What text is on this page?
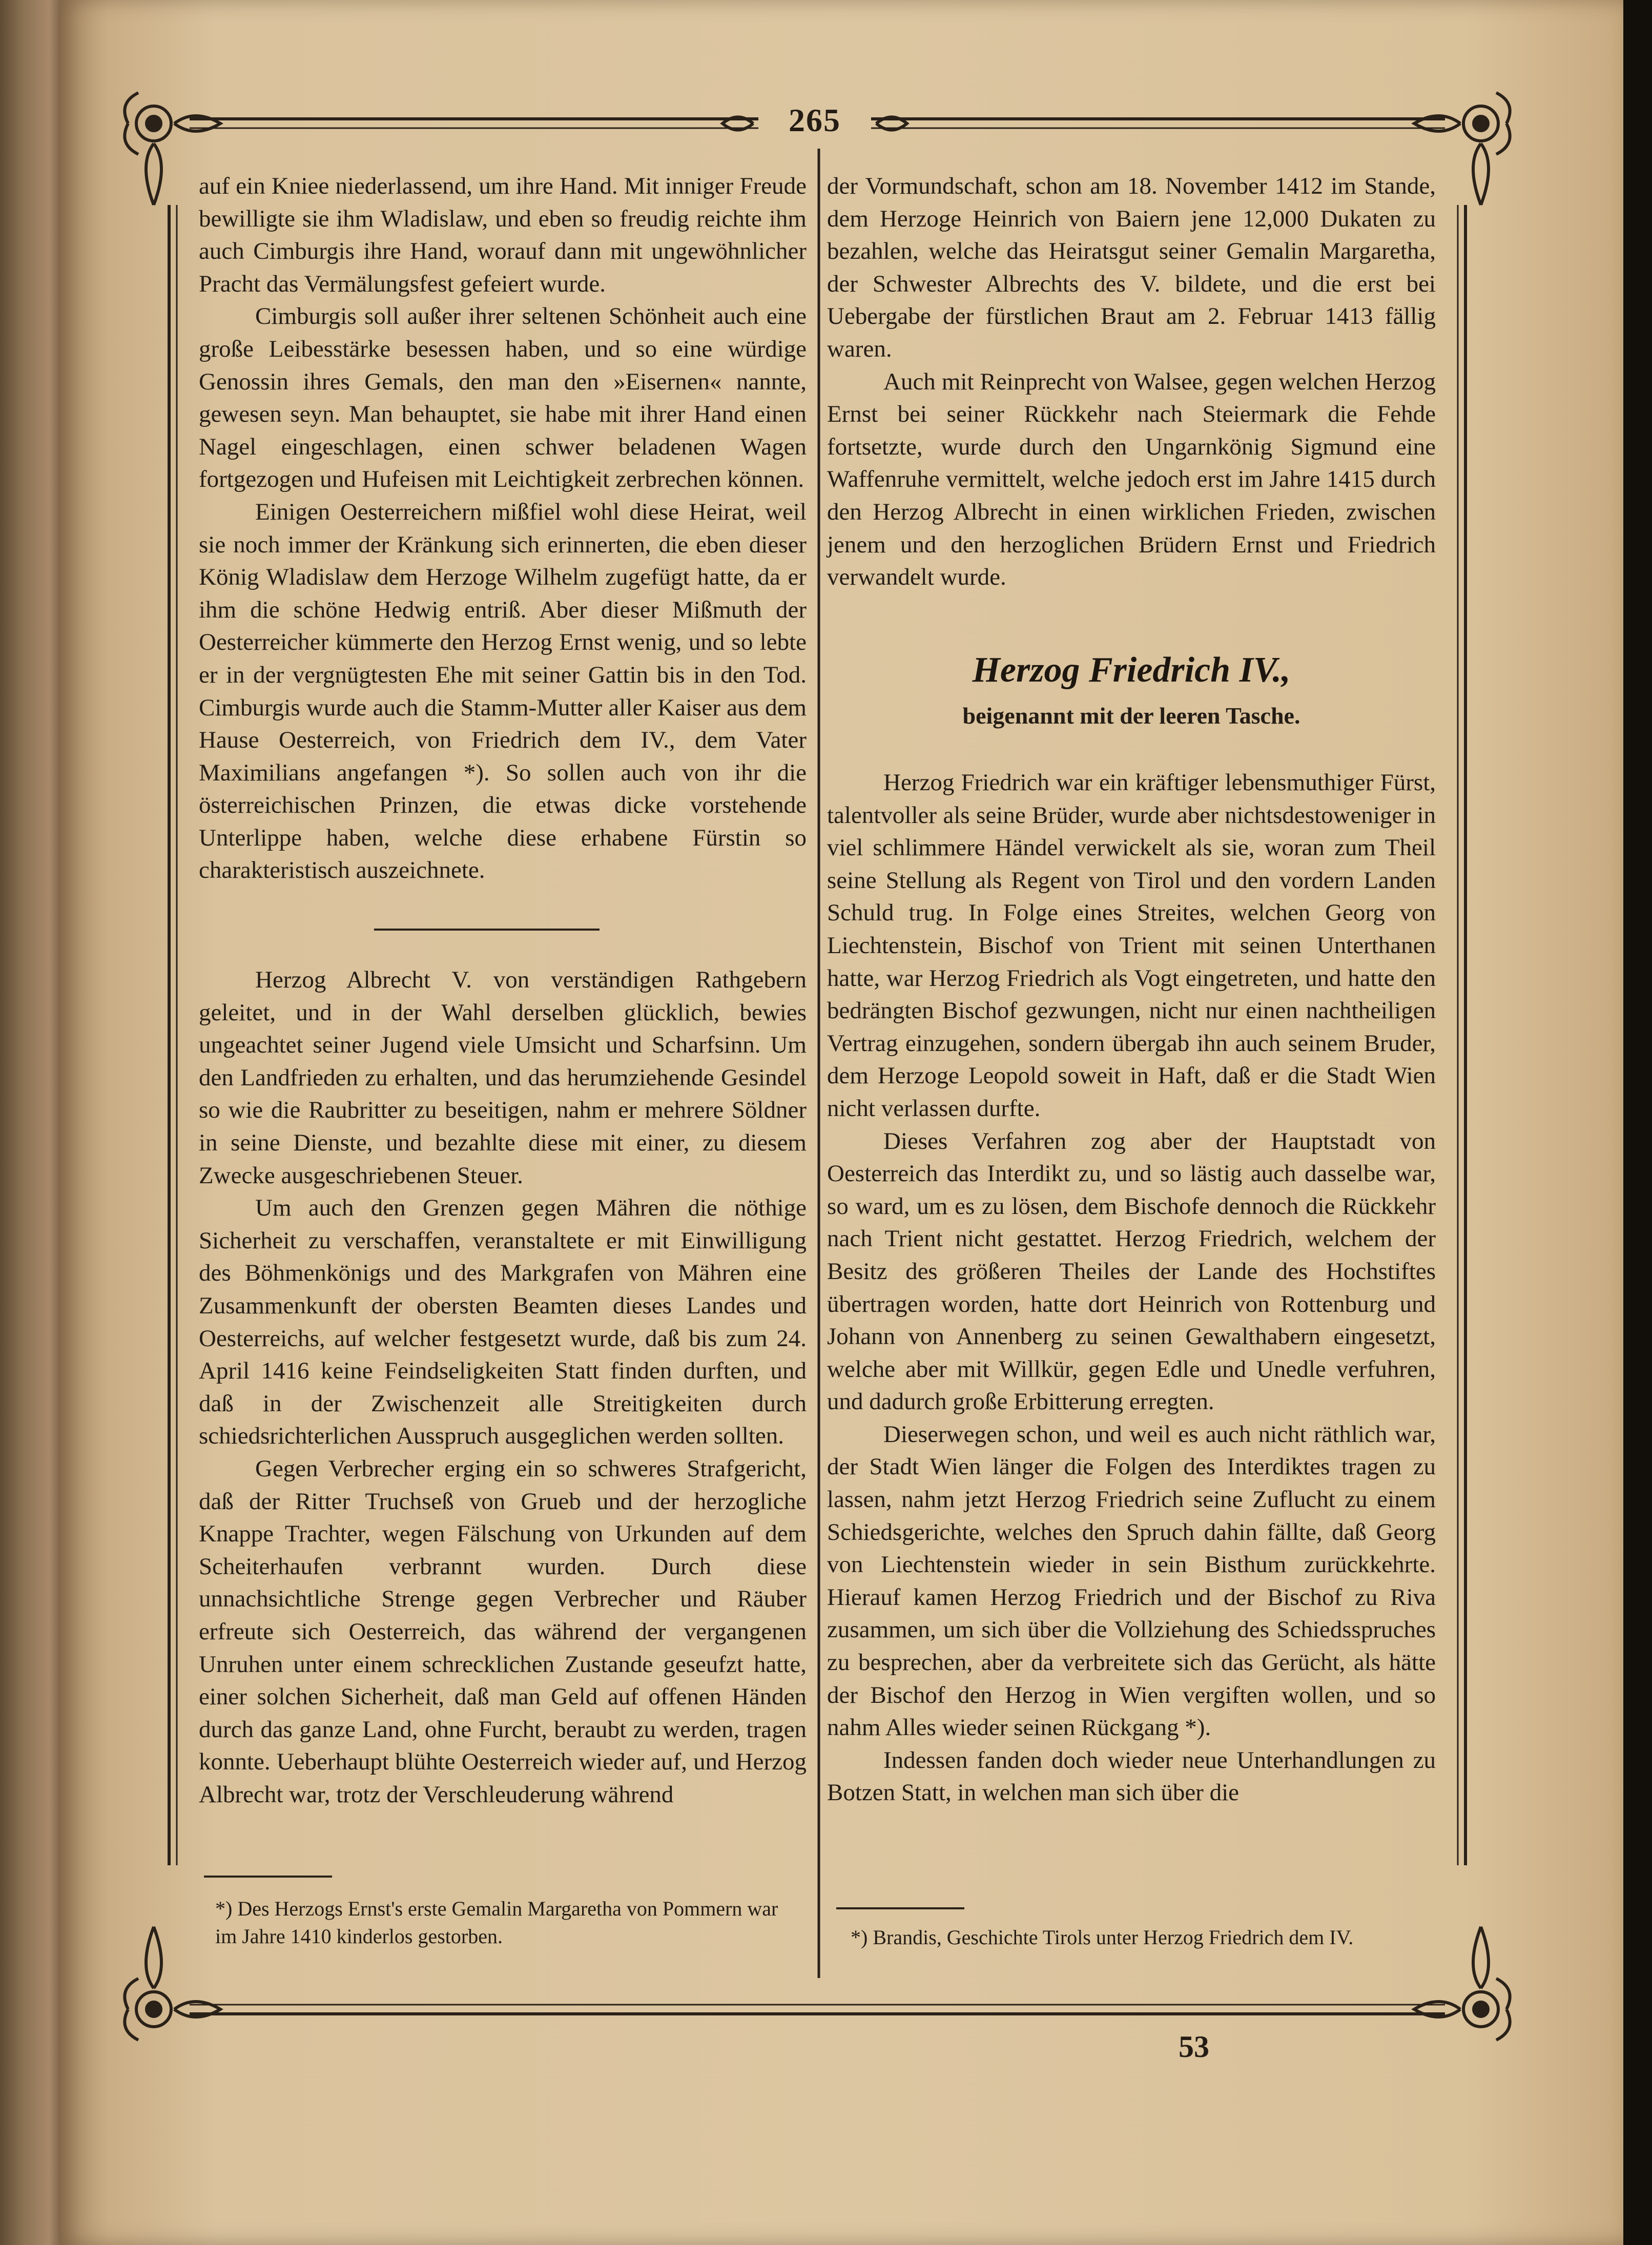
265

auf ein Kniee niederlassend, um ihre Hand. Mit inniger Freude bewilligte sie ihm Wladislaw, und eben so freudig reichte ihm auch Cimburgis ihre Hand, worauf dann mit ungewöhnlicher Pracht das Vermälungsfest gefeiert wurde.

Cimburgis soll außer ihrer seltenen Schönheit auch eine große Leibesstärke besessen haben, und so eine würdige Genossin ihres Gemals, den man den »Eisernen« nannte, gewesen seyn. Man behauptet, sie habe mit ihrer Hand einen Nagel eingeschlagen, einen schwer beladenen Wagen fortgezogen und Hufeisen mit Leichtigkeit zerbrechen können.

Einigen Oesterreichern mißfiel wohl diese Heirat, weil sie noch immer der Kränkung sich erinnerten, die eben dieser König Wladislaw dem Herzoge Wilhelm zugefügt hatte, da er ihm die schöne Hedwig entriß. Aber dieser Mißmuth der Oesterreicher kümmerte den Herzog Ernst wenig, und so lebte er in der vergnügtesten Ehe mit seiner Gattin bis in den Tod. Cimburgis wurde auch die Stamm-Mutter aller Kaiser aus dem Hause Oesterreich, von Friedrich dem IV., dem Vater Maximilians angefangen *). So sollen auch von ihr die österreichischen Prinzen, die etwas dicke vorstehende Unterlippe haben, welche diese erhabene Fürstin so charakteristisch auszeichnete.

Herzog Albrecht V. von verständigen Rathgebern geleitet, und in der Wahl derselben glücklich, bewies ungeachtet seiner Jugend viele Umsicht und Scharfsinn. Um den Landfrieden zu erhalten, und das herumziehende Gesindel so wie die Raubritter zu beseitigen, nahm er mehrere Söldner in seine Dienste, und bezahlte diese mit einer, zu diesem Zwecke ausgeschriebenen Steuer.

Um auch den Grenzen gegen Mähren die nöthige Sicherheit zu verschaffen, veranstaltete er mit Einwilligung des Böhmenkönigs und des Markgrafen von Mähren eine Zusammenkunft der obersten Beamten dieses Landes und Oesterreichs, auf welcher festgesetzt wurde, daß bis zum 24. April 1416 keine Feindseligkeiten Statt finden durften, und daß in der Zwischenzeit alle Streitigkeiten durch schiedsrichterlichen Ausspruch ausgeglichen werden sollten.

Gegen Verbrecher erging ein so schweres Strafgericht, daß der Ritter Truchseß von Grueb und der herzogliche Knappe Trachter, wegen Fälschung von Urkunden auf dem Scheiterhaufen verbrannt wurden. Durch diese unnachsichtliche Strenge gegen Verbrecher und Räuber erfreute sich Oesterreich, das während der vergangenen Unruhen unter einem schrecklichen Zustande geseufzt hatte, einer solchen Sicherheit, daß man Geld auf offenen Händen durch das ganze Land, ohne Furcht, beraubt zu werden, tragen konnte. Ueberhaupt blühte Oesterreich wieder auf, und Herzog Albrecht war, trotz der Verschleuderung während

der Vormundschaft, schon am 18. November 1412 im Stande, dem Herzoge Heinrich von Baiern jene 12,000 Dukaten zu bezahlen, welche das Heiratsgut seiner Gemalin Margaretha, der Schwester Albrechts des V. bildete, und die erst bei Uebergabe der fürstlichen Braut am 2. Februar 1413 fällig waren.

Auch mit Reinprecht von Walsee, gegen welchen Herzog Ernst bei seiner Rückkehr nach Steiermark die Fehde fortsetzte, wurde durch den Ungarnkönig Sigmund eine Waffenruhe vermittelt, welche jedoch erst im Jahre 1415 durch den Herzog Albrecht in einen wirklichen Frieden, zwischen jenem und den herzoglichen Brüdern Ernst und Friedrich verwandelt wurde.

Herzog Friedrich IV.,
beigenannt mit der leeren Tasche.

Herzog Friedrich war ein kräftiger lebensmuthiger Fürst, talentvoller als seine Brüder, wurde aber nichtsdestoweniger in viel schlimmere Händel verwickelt als sie, woran zum Theil seine Stellung als Regent von Tirol und den vordern Landen Schuld trug. In Folge eines Streites, welchen Georg von Liechtenstein, Bischof von Trient mit seinen Unterthanen hatte, war Herzog Friedrich als Vogt eingetreten, und hatte den bedrängten Bischof gezwungen, nicht nur einen nachtheiligen Vertrag einzugehen, sondern übergab ihn auch seinem Bruder, dem Herzoge Leopold soweit in Haft, daß er die Stadt Wien nicht verlassen durfte.

Dieses Verfahren zog aber der Hauptstadt von Oesterreich das Interdikt zu, und so lästig auch dasselbe war, so ward, um es zu lösen, dem Bischofe dennoch die Rückkehr nach Trient nicht gestattet. Herzog Friedrich, welchem der Besitz des größeren Theiles der Lande des Hochstiftes übertragen worden, hatte dort Heinrich von Rottenburg und Johann von Annenberg zu seinen Gewalthabern eingesetzt, welche aber mit Willkür, gegen Edle und Unedle verfuhren, und dadurch große Erbitterung erregten.

Dieserwegen schon, und weil es auch nicht räthlich war, der Stadt Wien länger die Folgen des Interdiktes tragen zu lassen, nahm jetzt Herzog Friedrich seine Zuflucht zu einem Schiedsgerichte, welches den Spruch dahin fällte, daß Georg von Liechtenstein wieder in sein Bisthum zurückkehrte. Hierauf kamen Herzog Friedrich und der Bischof zu Riva zusammen, um sich über die Vollziehung des Schiedsspruches zu besprechen, aber da verbreitete sich das Gerücht, als hätte der Bischof den Herzog in Wien vergiften wollen, und so nahm Alles wieder seinen Rückgang *).

Indessen fanden doch wieder neue Unterhandlungen zu Botzen Statt, in welchen man sich über die

*) Des Herzogs Ernst's erste Gemalin Margaretha von Pommern war im Jahre 1410 kinderlos gestorben.	*) Brandis, Geschichte Tirols unter Herzog Friedrich dem IV.
53
